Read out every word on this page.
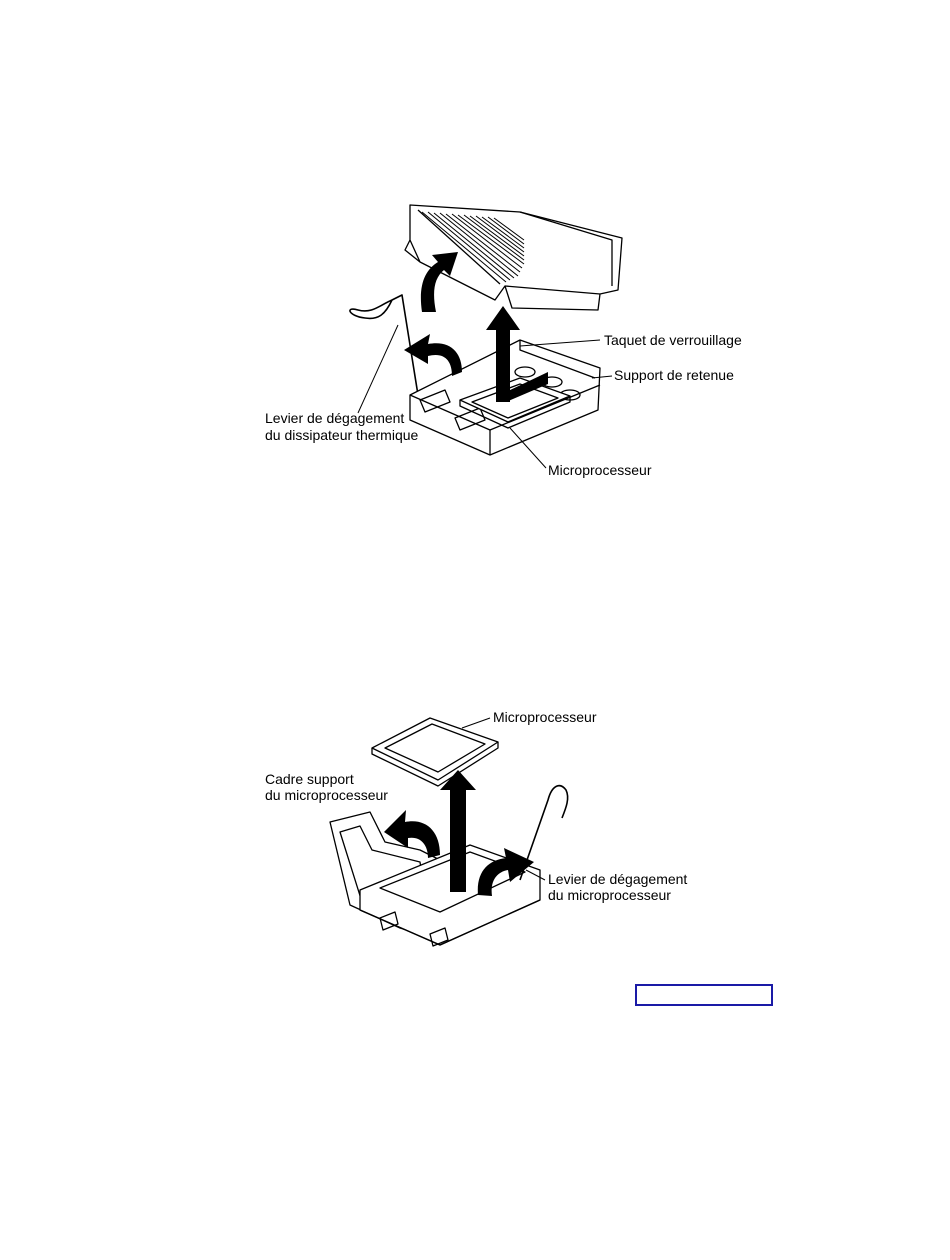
Taquet de verrouillage
Support de retenue
Levier de dégagement
du dissipateur thermique
Microprocesseur
Microprocesseur
Cadre support
du microprocesseur
Levier de dégagement
du microprocesseur
